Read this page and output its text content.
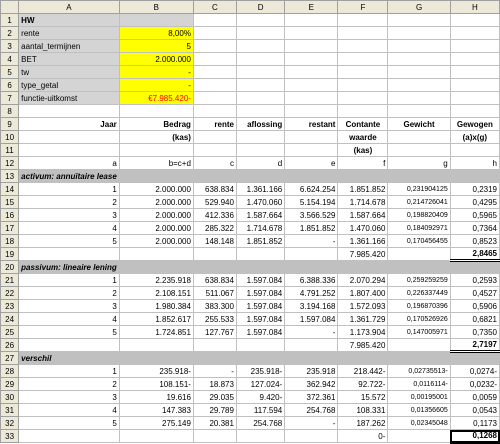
	A	B	C	D	E	F	G	H
1	HW							
2	rente	8,00%						
3	aantal_termijnen	5						
4	BET	2.000.000						
5	tw	-						
6	type_getal	-						
7	functie-uitkomst	€7.985.420-						
8								
9	Jaar	Bedrag	rente	aflossing	restant	Contante	Gewicht	Gewogen
10		(kas)				waarde		(a)x(g)
11						(kas)		
12	a	b=c+d	c	d	e	f	g	h
13	activum: annuïtaire lease							
14	1	2.000.000	638.834	1.361.166	6.624.254	1.851.852	0,231904125	0,2319
15	2	2.000.000	529.940	1.470.060	5.154.194	1.714.678	0,214726041	0,4295
16	3	2.000.000	412.336	1.587.664	3.566.529	1.587.664	0,198820409	0,5965
17	4	2.000.000	285.322	1.714.678	1.851.852	1.470.060	0,184092971	0,7364
18	5	2.000.000	148.148	1.851.852	-	1.361.166	0,170456455	0,8523
19						7.985.420		2,8465
20	passivum: lineaire lening							
21	1	2.235.918	638.834	1.597.084	6.388.336	2.070.294	0,259259259	0,2593
22	2	2.108.151	511.067	1.597.084	4.791.252	1.807.400	0,226337449	0,4527
23	3	1.980.384	383.300	1.597.084	3.194.168	1.572.093	0,196870396	0,5906
24	4	1.852.617	255.533	1.597.084	1.597.084	1.361.729	0,170526926	0,6821
25	5	1.724.851	127.767	1.597.084	-	1.173.904	0,147005971	0,7350
26						7.985.420		2,7197
27	verschil							
28	1	235.918-	-	235.918-	235.918	218.442-	0,02735513-	0,0274-
29	2	108.151-	18.873	127.024-	362.942	92.722-	0,0116114-	0,0232-
30	3	19.616	29.035	9.420-	372.361	15.572	0,00195001	0,0059
31	4	147.383	29.789	117.594	254.768	108.331	0,01356605	0,0543
32	5	275.149	20.381	254.768	-	187.262	0,02345048	0,1173
33						0-		0,1268
